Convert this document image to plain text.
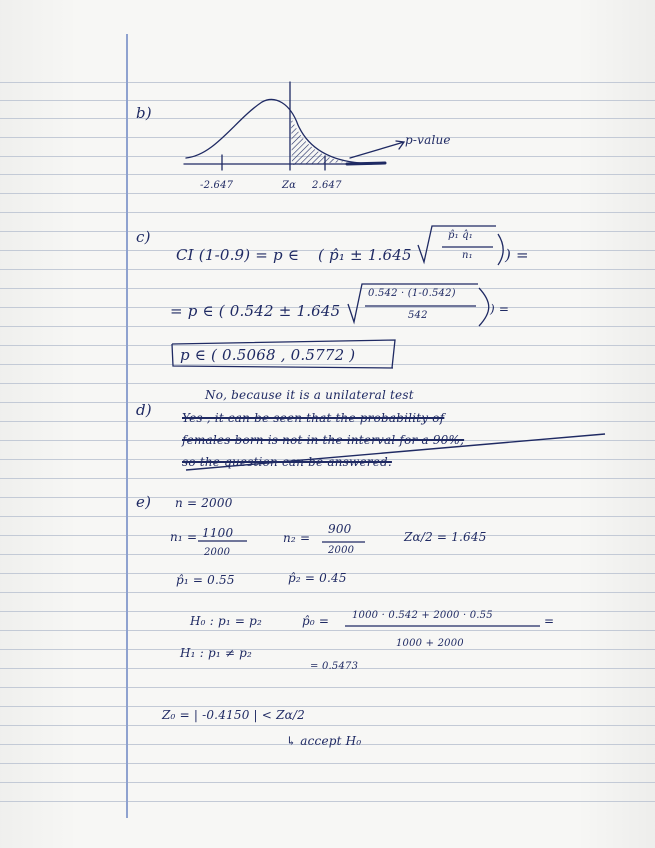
b)
c)
d)
e)
-2.647	Zα 2.647
p-value
CI (1-0.9) = p ∈ ( p̂₁ ± 1.645
p̂₁ q̂₁
n₁ ) =
= p ∈ ( 0.542 ± 1.645
0.542 · (1-0.542)
542	) =
p ∈ ( 0.5068 , 0.5772 )
No, because it is a unilateral test
Yes , it can be seen that the probability of
females born is not in the interval for a 90%,
so the question can be answered.
n = 2000
n₁ = 1100
2000
n₂ =
900
2000
Zα/2 = 1.645
p̂₁ = 0.55	p̂₂ = 0.45
H₀ : p₁ = p₂	p̂₀ = 1000 · 0.542 + 2000 · 0.55
1000 + 2000
=
H₁ : p₁ ≠ p₂
= 0.5473
Z₀ = | -0.4150 | < Zα/2
↳ accept H₀
